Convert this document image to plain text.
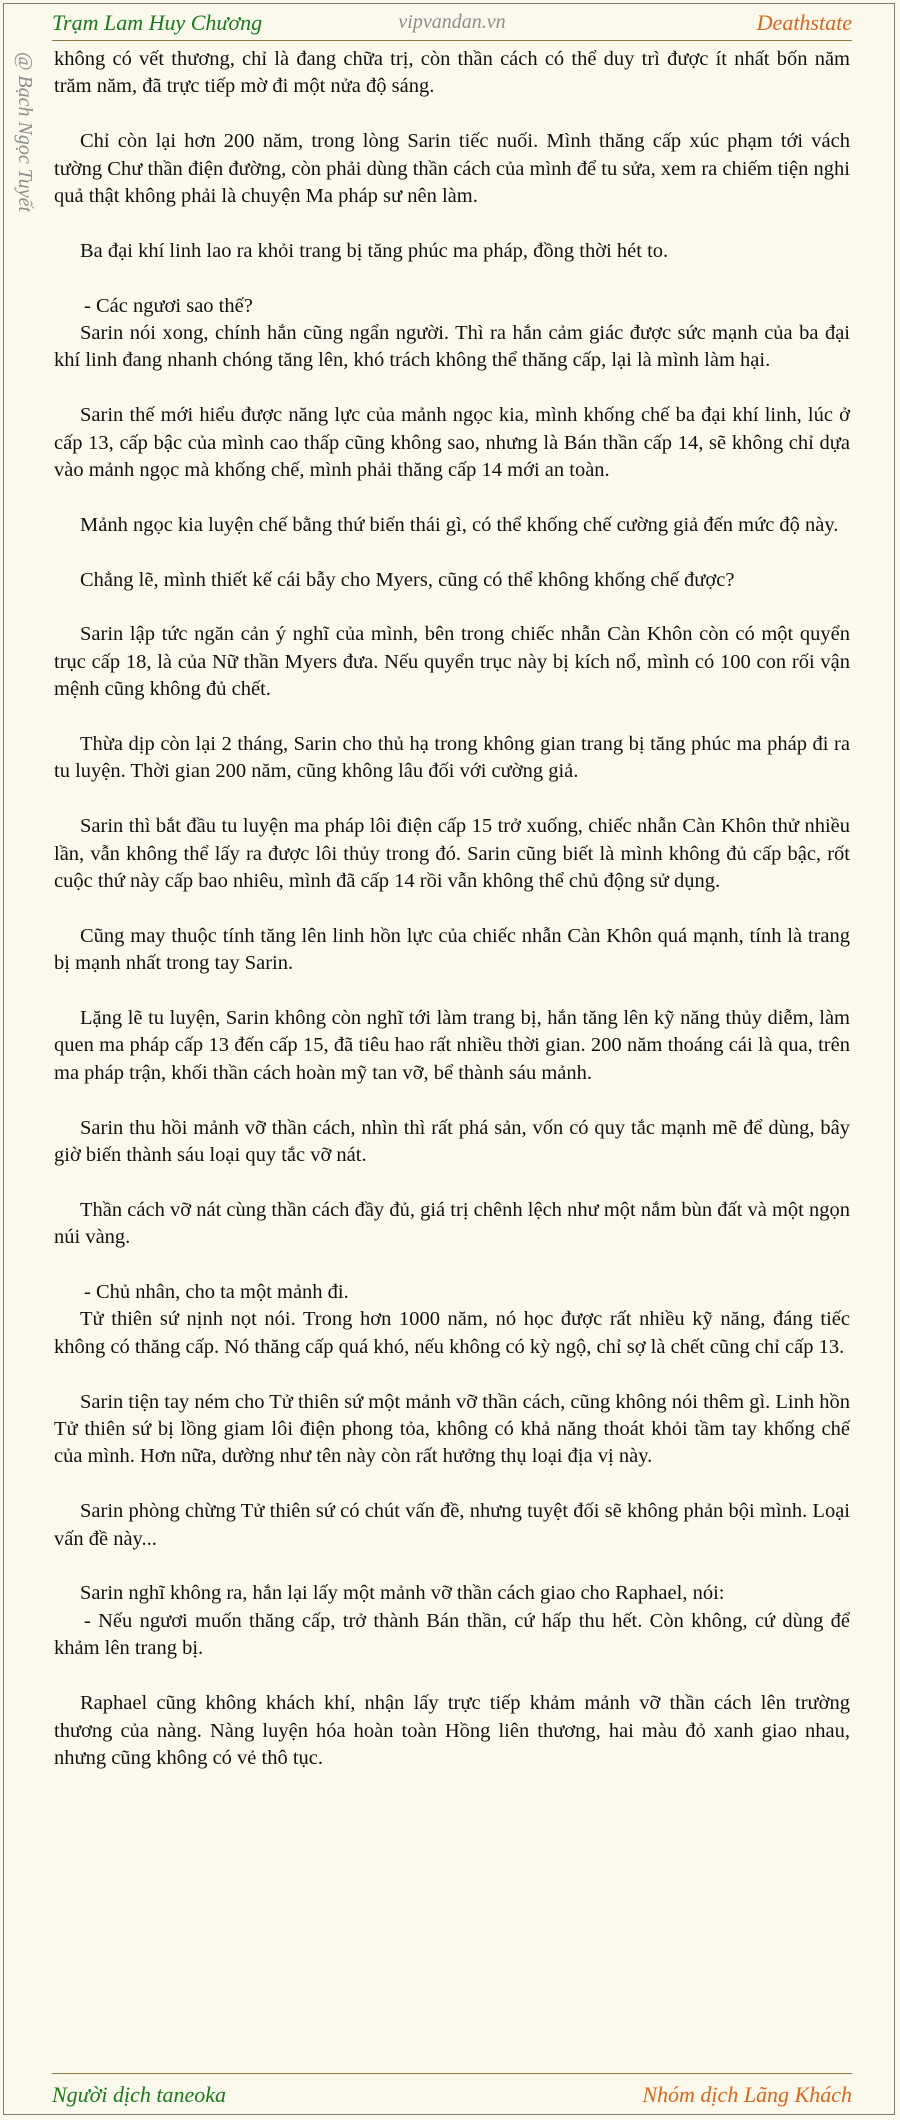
Trạm Lam Huy Chương	vipvandan.vn	Deathstate
@ Bạch Ngọc Tuyết không có vết thương, chỉ là đang chữa trị, còn thần cách có thể duy trì được ít nhất bốn năm trăm năm, đã trực tiếp mờ đi một nửa độ sáng.

Chỉ còn lại hơn 200 năm, trong lòng Sarin tiếc nuối. Mình thăng cấp xúc phạm tới vách tường Chư thần điện đường, còn phải dùng thần cách của mình để tu sửa, xem ra chiếm tiện nghi quả thật không phải là chuyện Ma pháp sư nên làm.

Ba đại khí linh lao ra khỏi trang bị tăng phúc ma pháp, đồng thời hét to.

- Các ngươi sao thế?

Sarin nói xong, chính hắn cũng ngẩn người. Thì ra hắn cảm giác được sức mạnh của ba đại khí linh đang nhanh chóng tăng lên, khó trách không thể thăng cấp, lại là mình làm hại.

Sarin thế mới hiểu được năng lực của mảnh ngọc kia, mình khống chế ba đại khí linh, lúc ở cấp 13, cấp bậc của mình cao thấp cũng không sao, nhưng là Bán thần cấp 14, sẽ không chỉ dựa vào mảnh ngọc mà khống chế, mình phải thăng cấp 14 mới an toàn.

Mảnh ngọc kia luyện chế bằng thứ biến thái gì, có thể khống chế cường giả đến mức độ này.

Chẳng lẽ, mình thiết kế cái bẫy cho Myers, cũng có thể không khống chế được?

Sarin lập tức ngăn cản ý nghĩ của mình, bên trong chiếc nhẫn Càn Khôn còn có một quyển trục cấp 18, là của Nữ thần Myers đưa. Nếu quyển trục này bị kích nổ, mình có 100 con rối vận mệnh cũng không đủ chết.

Thừa dịp còn lại 2 tháng, Sarin cho thủ hạ trong không gian trang bị tăng phúc ma pháp đi ra tu luyện. Thời gian 200 năm, cũng không lâu đối với cường giả.

Sarin thì bắt đầu tu luyện ma pháp lôi điện cấp 15 trở xuống, chiếc nhẫn Càn Khôn thử nhiều lần, vẫn không thể lấy ra được lôi thủy trong đó. Sarin cũng biết là mình không đủ cấp bậc, rốt cuộc thứ này cấp bao nhiêu, mình đã cấp 14 rồi vẫn không thể chủ động sử dụng.

Cũng may thuộc tính tăng lên linh hồn lực của chiếc nhẫn Càn Khôn quá mạnh, tính là trang bị mạnh nhất trong tay Sarin.

Lặng lẽ tu luyện, Sarin không còn nghĩ tới làm trang bị, hắn tăng lên kỹ năng thủy diễm, làm quen ma pháp cấp 13 đến cấp 15, đã tiêu hao rất nhiều thời gian. 200 năm thoáng cái là qua, trên ma pháp trận, khối thần cách hoàn mỹ tan vỡ, bể thành sáu mảnh.

Sarin thu hồi mảnh vỡ thần cách, nhìn thì rất phá sản, vốn có quy tắc mạnh mẽ để dùng, bây giờ biến thành sáu loại quy tắc vỡ nát.

Thần cách vỡ nát cùng thần cách đầy đủ, giá trị chênh lệch như một nắm bùn đất và một ngọn núi vàng.

- Chủ nhân, cho ta một mảnh đi.

Tử thiên sứ nịnh nọt nói. Trong hơn 1000 năm, nó học được rất nhiều kỹ năng, đáng tiếc không có thăng cấp. Nó thăng cấp quá khó, nếu không có kỳ ngộ, chỉ sợ là chết cũng chỉ cấp 13.

Sarin tiện tay ném cho Tử thiên sứ một mảnh vỡ thần cách, cũng không nói thêm gì. Linh hồn Tử thiên sứ bị lồng giam lôi điện phong tỏa, không có khả năng thoát khỏi tầm tay khống chế của mình. Hơn nữa, dường như tên này còn rất hưởng thụ loại địa vị này.

Sarin phòng chừng Tử thiên sứ có chút vấn đề, nhưng tuyệt đối sẽ không phản bội mình. Loại vấn đề này...

Sarin nghĩ không ra, hắn lại lấy một mảnh vỡ thần cách giao cho Raphael, nói:

- Nếu ngươi muốn thăng cấp, trở thành Bán thần, cứ hấp thu hết. Còn không, cứ dùng để khảm lên trang bị.

Raphael cũng không khách khí, nhận lấy trực tiếp khảm mảnh vỡ thần cách lên trường thương của nàng. Nàng luyện hóa hoàn toàn Hồng liên thương, hai màu đỏ xanh giao nhau, nhưng cũng không có vẻ thô tục.

Người dịch taneoka	Nhóm dịch Lãng Khách
